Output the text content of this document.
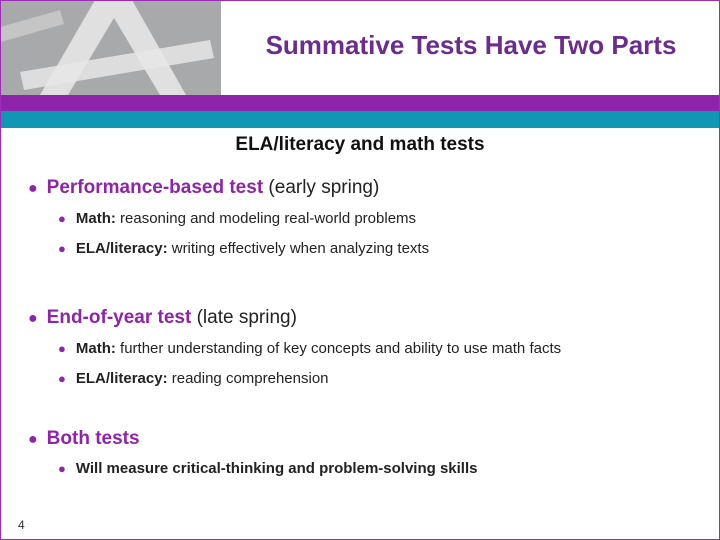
Summative Tests Have Two Parts
ELA/literacy and math tests
● Performance-based test (early spring)
● Math: reasoning and modeling real-world problems
● ELA/literacy: writing effectively when analyzing texts
● End-of-year test (late spring)
● Math: further understanding of key concepts and ability to use math facts
● ELA/literacy: reading comprehension
● Both tests
● Will measure critical-thinking and problem-solving skills
4
